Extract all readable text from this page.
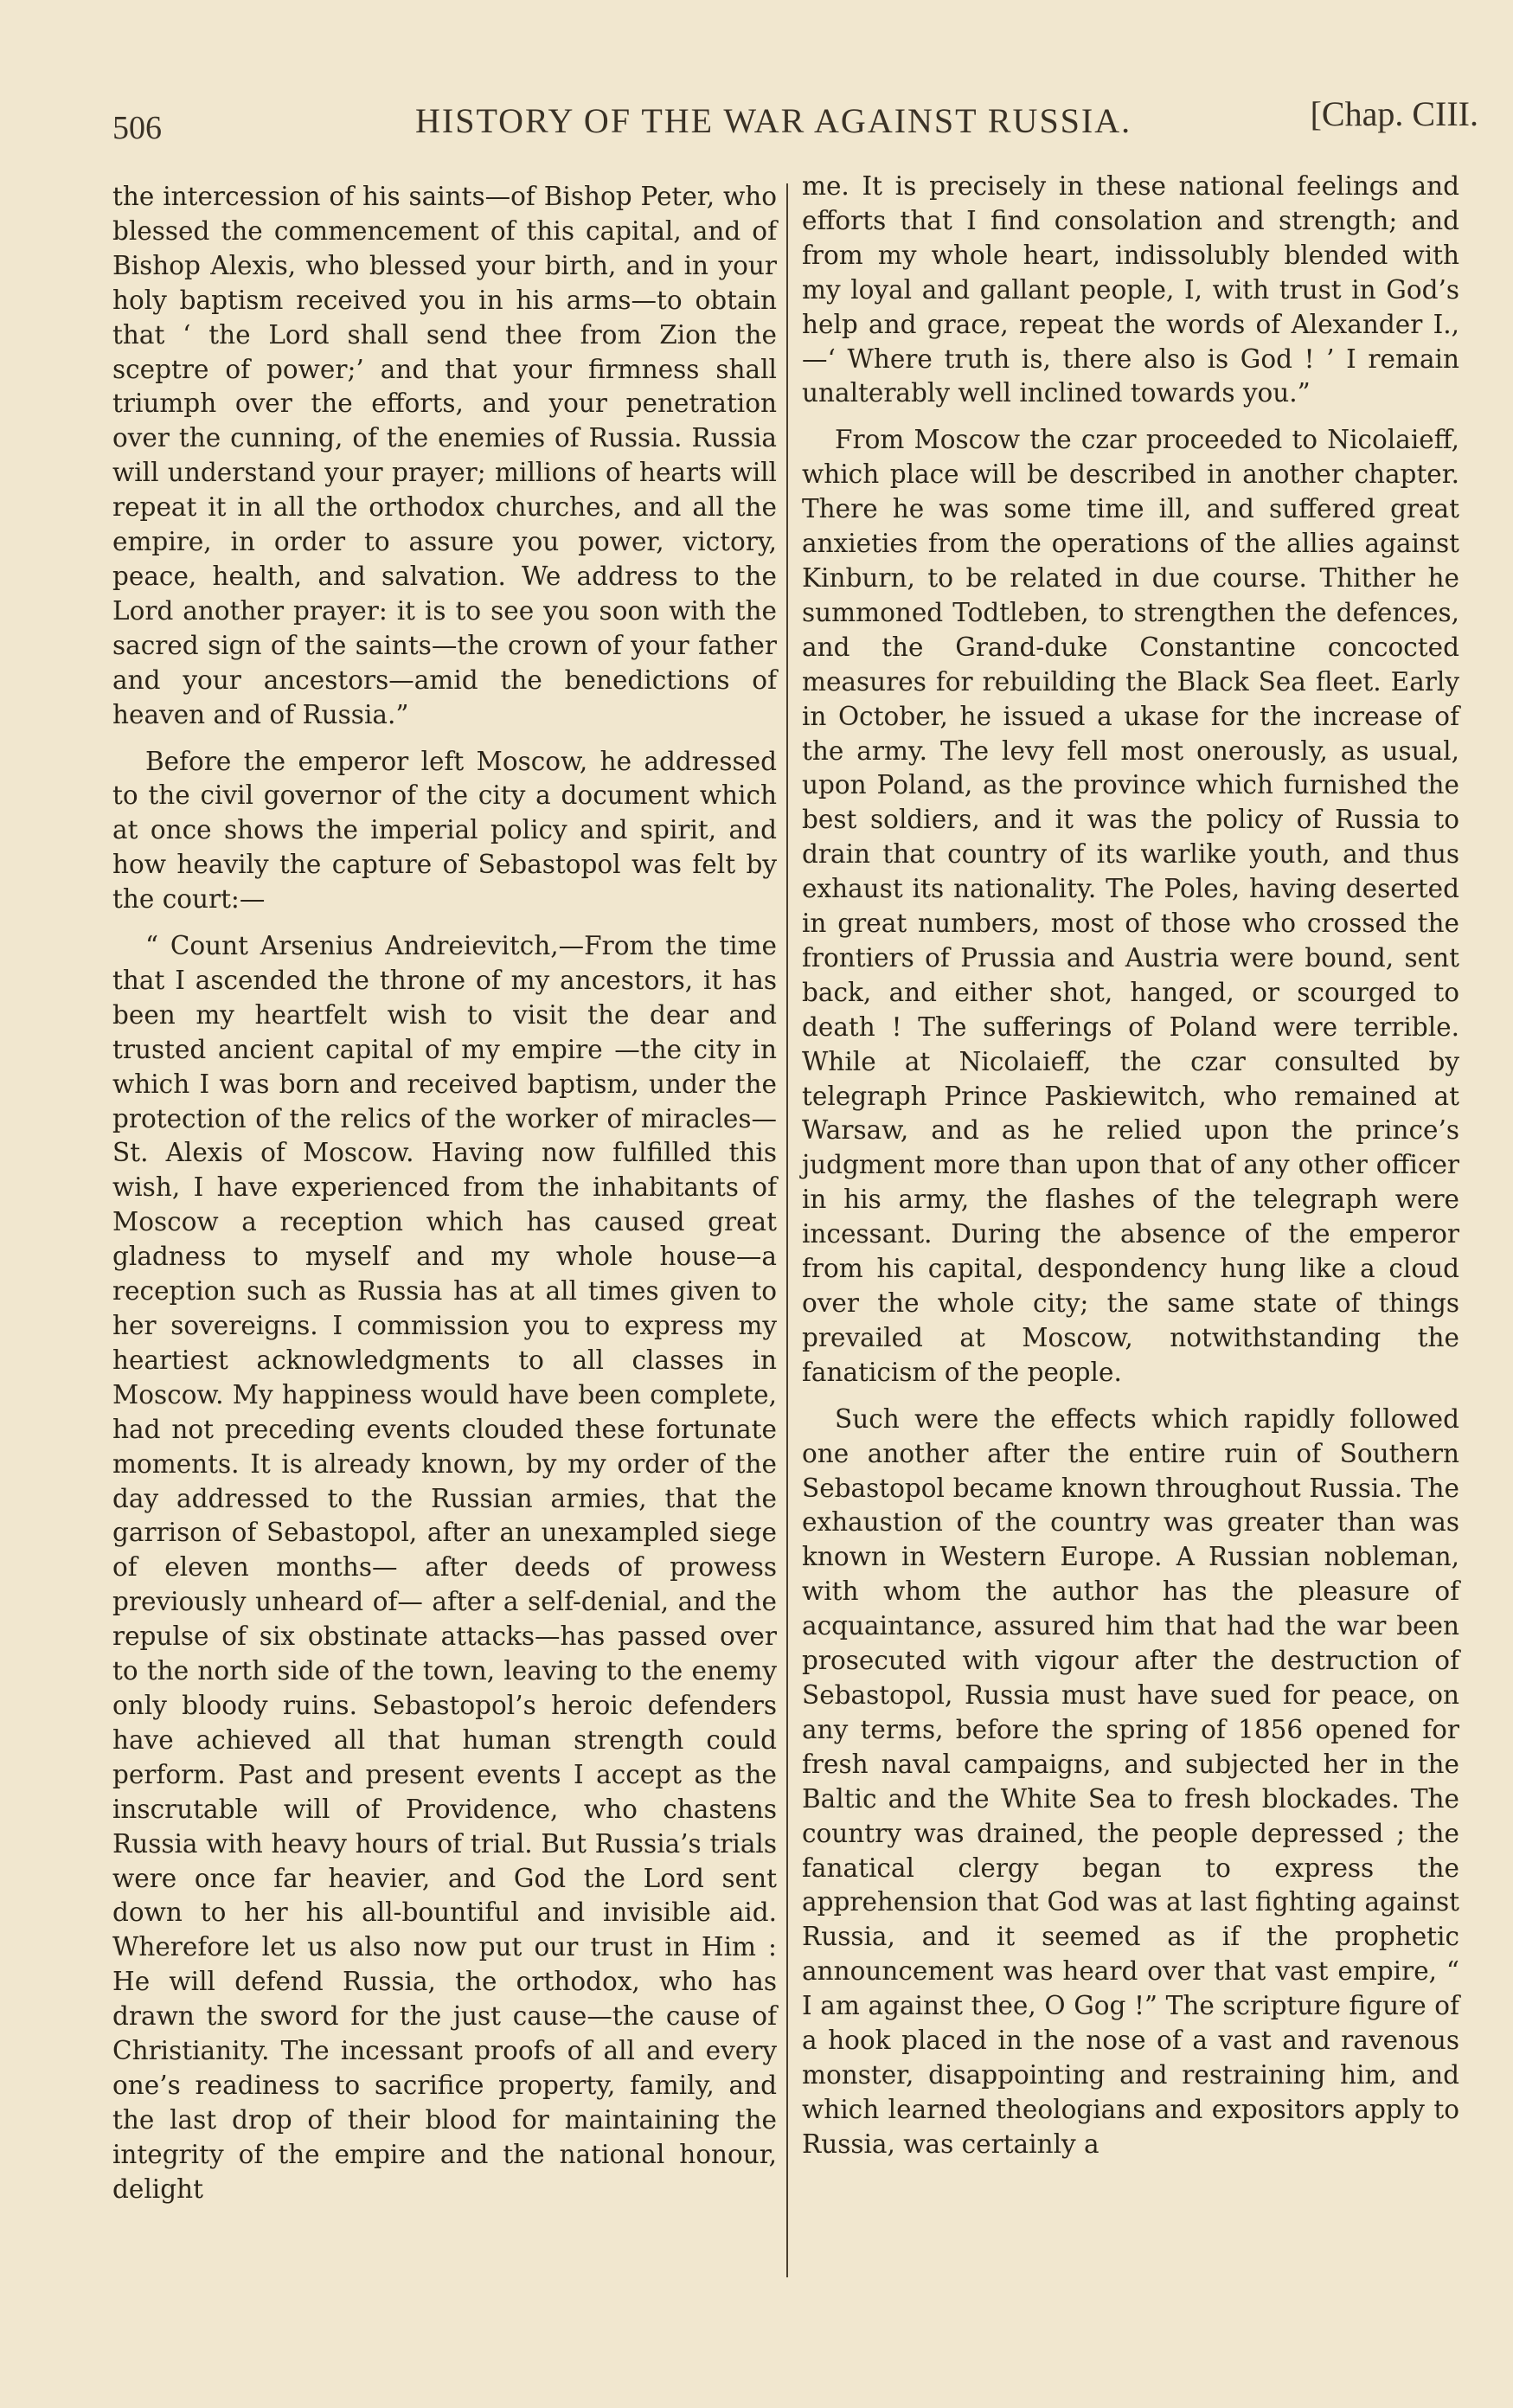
506	HISTORY OF THE WAR AGAINST RUSSIA.	[Chap. CIII.

the intercession of his saints—of Bishop Peter, who blessed the commencement of this capital, and of Bishop Alexis, who blessed your birth, and in your holy baptism received you in his arms—to obtain that ‘ the Lord shall send thee from Zion the sceptre of power;’ and that your firmness shall triumph over the efforts, and your penetration over the cunning, of the enemies of Russia. Russia will understand your prayer; millions of hearts will repeat it in all the orthodox churches, and all the empire, in order to assure you power, victory, peace, health, and salvation. We address to the Lord another prayer: it is to see you soon with the sacred sign of the saints—the crown of your father and your ancestors—amid the benedictions of heaven and of Russia.”

Before the emperor left Moscow, he addressed to the civil governor of the city a document which at once shows the imperial policy and spirit, and how heavily the capture of Sebastopol was felt by the court:—

“ Count Arsenius Andreievitch,—From the time that I ascended the throne of my ancestors, it has been my heartfelt wish to visit the dear and trusted ancient capital of my empire —the city in which I was born and received baptism, under the protection of the relics of the worker of miracles—St. Alexis of Moscow. Having now fulfilled this wish, I have experienced from the inhabitants of Moscow a reception which has caused great gladness to myself and my whole house—a reception such as Russia has at all times given to her sovereigns. I commission you to express my heartiest acknowledgments to all classes in Moscow. My happiness would have been complete, had not preceding events clouded these fortunate moments. It is already known, by my order of the day addressed to the Russian armies, that the garrison of Sebastopol, after an unexampled siege of eleven months— after deeds of prowess previously unheard of— after a self-denial, and the repulse of six obstinate attacks—has passed over to the north side of the town, leaving to the enemy only bloody ruins. Sebastopol’s heroic defenders have achieved all that human strength could perform. Past and present events I accept as the inscrutable will of Providence, who chastens Russia with heavy hours of trial. But Russia’s trials were once far heavier, and God the Lord sent down to her his all-bountiful and invisible aid. Wherefore let us also now put our trust in Him : He will defend Russia, the orthodox, who has drawn the sword for the just cause—the cause of Christianity. The incessant proofs of all and every one’s readiness to sacrifice property, family, and the last drop of their blood for maintaining the integrity of the empire and the national honour, delight

me. It is precisely in these national feelings and efforts that I find consolation and strength; and from my whole heart, indissolubly blended with my loyal and gallant people, I, with trust in God’s help and grace, repeat the words of Alexander I.,—‘ Where truth is, there also is God ! ’ I remain unalterably well inclined towards you.”

From Moscow the czar proceeded to Nicolaieff, which place will be described in another chapter. There he was some time ill, and suffered great anxieties from the operations of the allies against Kinburn, to be related in due course. Thither he summoned Todtleben, to strengthen the defences, and the Grand-duke Constantine concocted measures for rebuilding the Black Sea fleet. Early in October, he issued a ukase for the increase of the army. The levy fell most onerously, as usual, upon Poland, as the province which furnished the best soldiers, and it was the policy of Russia to drain that country of its warlike youth, and thus exhaust its nationality. The Poles, having deserted in great numbers, most of those who crossed the frontiers of Prussia and Austria were bound, sent back, and either shot, hanged, or scourged to death ! The sufferings of Poland were terrible. While at Nicolaieff, the czar consulted by telegraph Prince Paskiewitch, who remained at Warsaw, and as he relied upon the prince’s judgment more than upon that of any other officer in his army, the flashes of the telegraph were incessant. During the absence of the emperor from his capital, despondency hung like a cloud over the whole city; the same state of things prevailed at Moscow, notwithstanding the fanaticism of the people.

Such were the effects which rapidly followed one another after the entire ruin of Southern Sebastopol became known throughout Russia. The exhaustion of the country was greater than was known in Western Europe. A Russian nobleman, with whom the author has the pleasure of acquaintance, assured him that had the war been prosecuted with vigour after the destruction of Sebastopol, Russia must have sued for peace, on any terms, before the spring of 1856 opened for fresh naval campaigns, and subjected her in the Baltic and the White Sea to fresh blockades. The country was drained, the people depressed ; the fanatical clergy began to express the apprehension that God was at last fighting against Russia, and it seemed as if the prophetic announcement was heard over that vast empire, “ I am against thee, O Gog !” The scripture figure of a hook placed in the nose of a vast and ravenous monster, disappointing and restraining him, and which learned theologians and expositors apply to Russia, was certainly a
